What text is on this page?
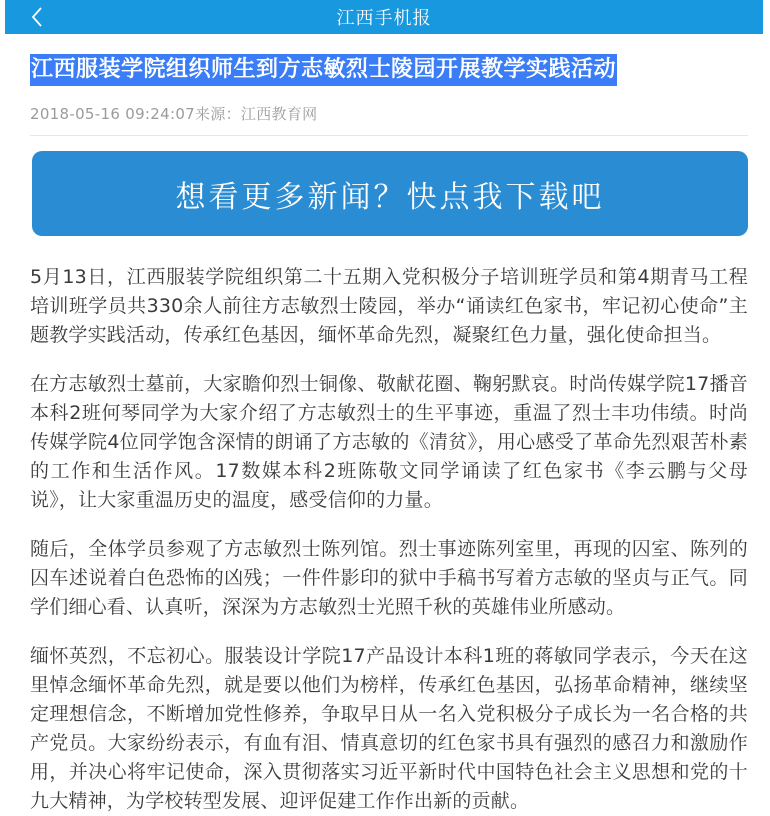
江西手机报
江西服装学院组织师生到方志敏烈士陵园开展教学实践活动
2018-05-16 09:24:07来源：江西教育网
想看更多新闻？快点我下载吧

5月13日，江西服装学院组织第二十五期入党积极分子培训班学员和第4期青马工程培训班学员共330余人前往方志敏烈士陵园，举办“诵读红色家书，牢记初心使命”主题教学实践活动，传承红色基因，缅怀革命先烈，凝聚红色力量，强化使命担当。

在方志敏烈士墓前，大家瞻仰烈士铜像、敬献花圈、鞠躬默哀。时尚传媒学院17播音本科2班何琴同学为大家介绍了方志敏烈士的生平事迹，重温了烈士丰功伟绩。时尚传媒学院4位同学饱含深情的朗诵了方志敏的《清贫》，用心感受了革命先烈艰苦朴素的工作和生活作风。17数媒本科2班陈敬文同学诵读了红色家书《李云鹏与父母说》，让大家重温历史的温度，感受信仰的力量。

随后，全体学员参观了方志敏烈士陈列馆。烈士事迹陈列室里，再现的囚室、陈列的囚车述说着白色恐怖的凶残；一件件影印的狱中手稿书写着方志敏的坚贞与正气。同学们细心看、认真听，深深为方志敏烈士光照千秋的英雄伟业所感动。

缅怀英烈，不忘初心。服装设计学院17产品设计本科1班的蒋敏同学表示，今天在这里悼念缅怀革命先烈，就是要以他们为榜样，传承红色基因，弘扬革命精神，继续坚定理想信念，不断增加党性修养，争取早日从一名入党积极分子成长为一名合格的共产党员。大家纷纷表示，有血有泪、情真意切的红色家书具有强烈的感召力和激励作用，并决心将牢记使命，深入贯彻落实习近平新时代中国特色社会主义思想和党的十九大精神，为学校转型发展、迎评促建工作作出新的贡献。
